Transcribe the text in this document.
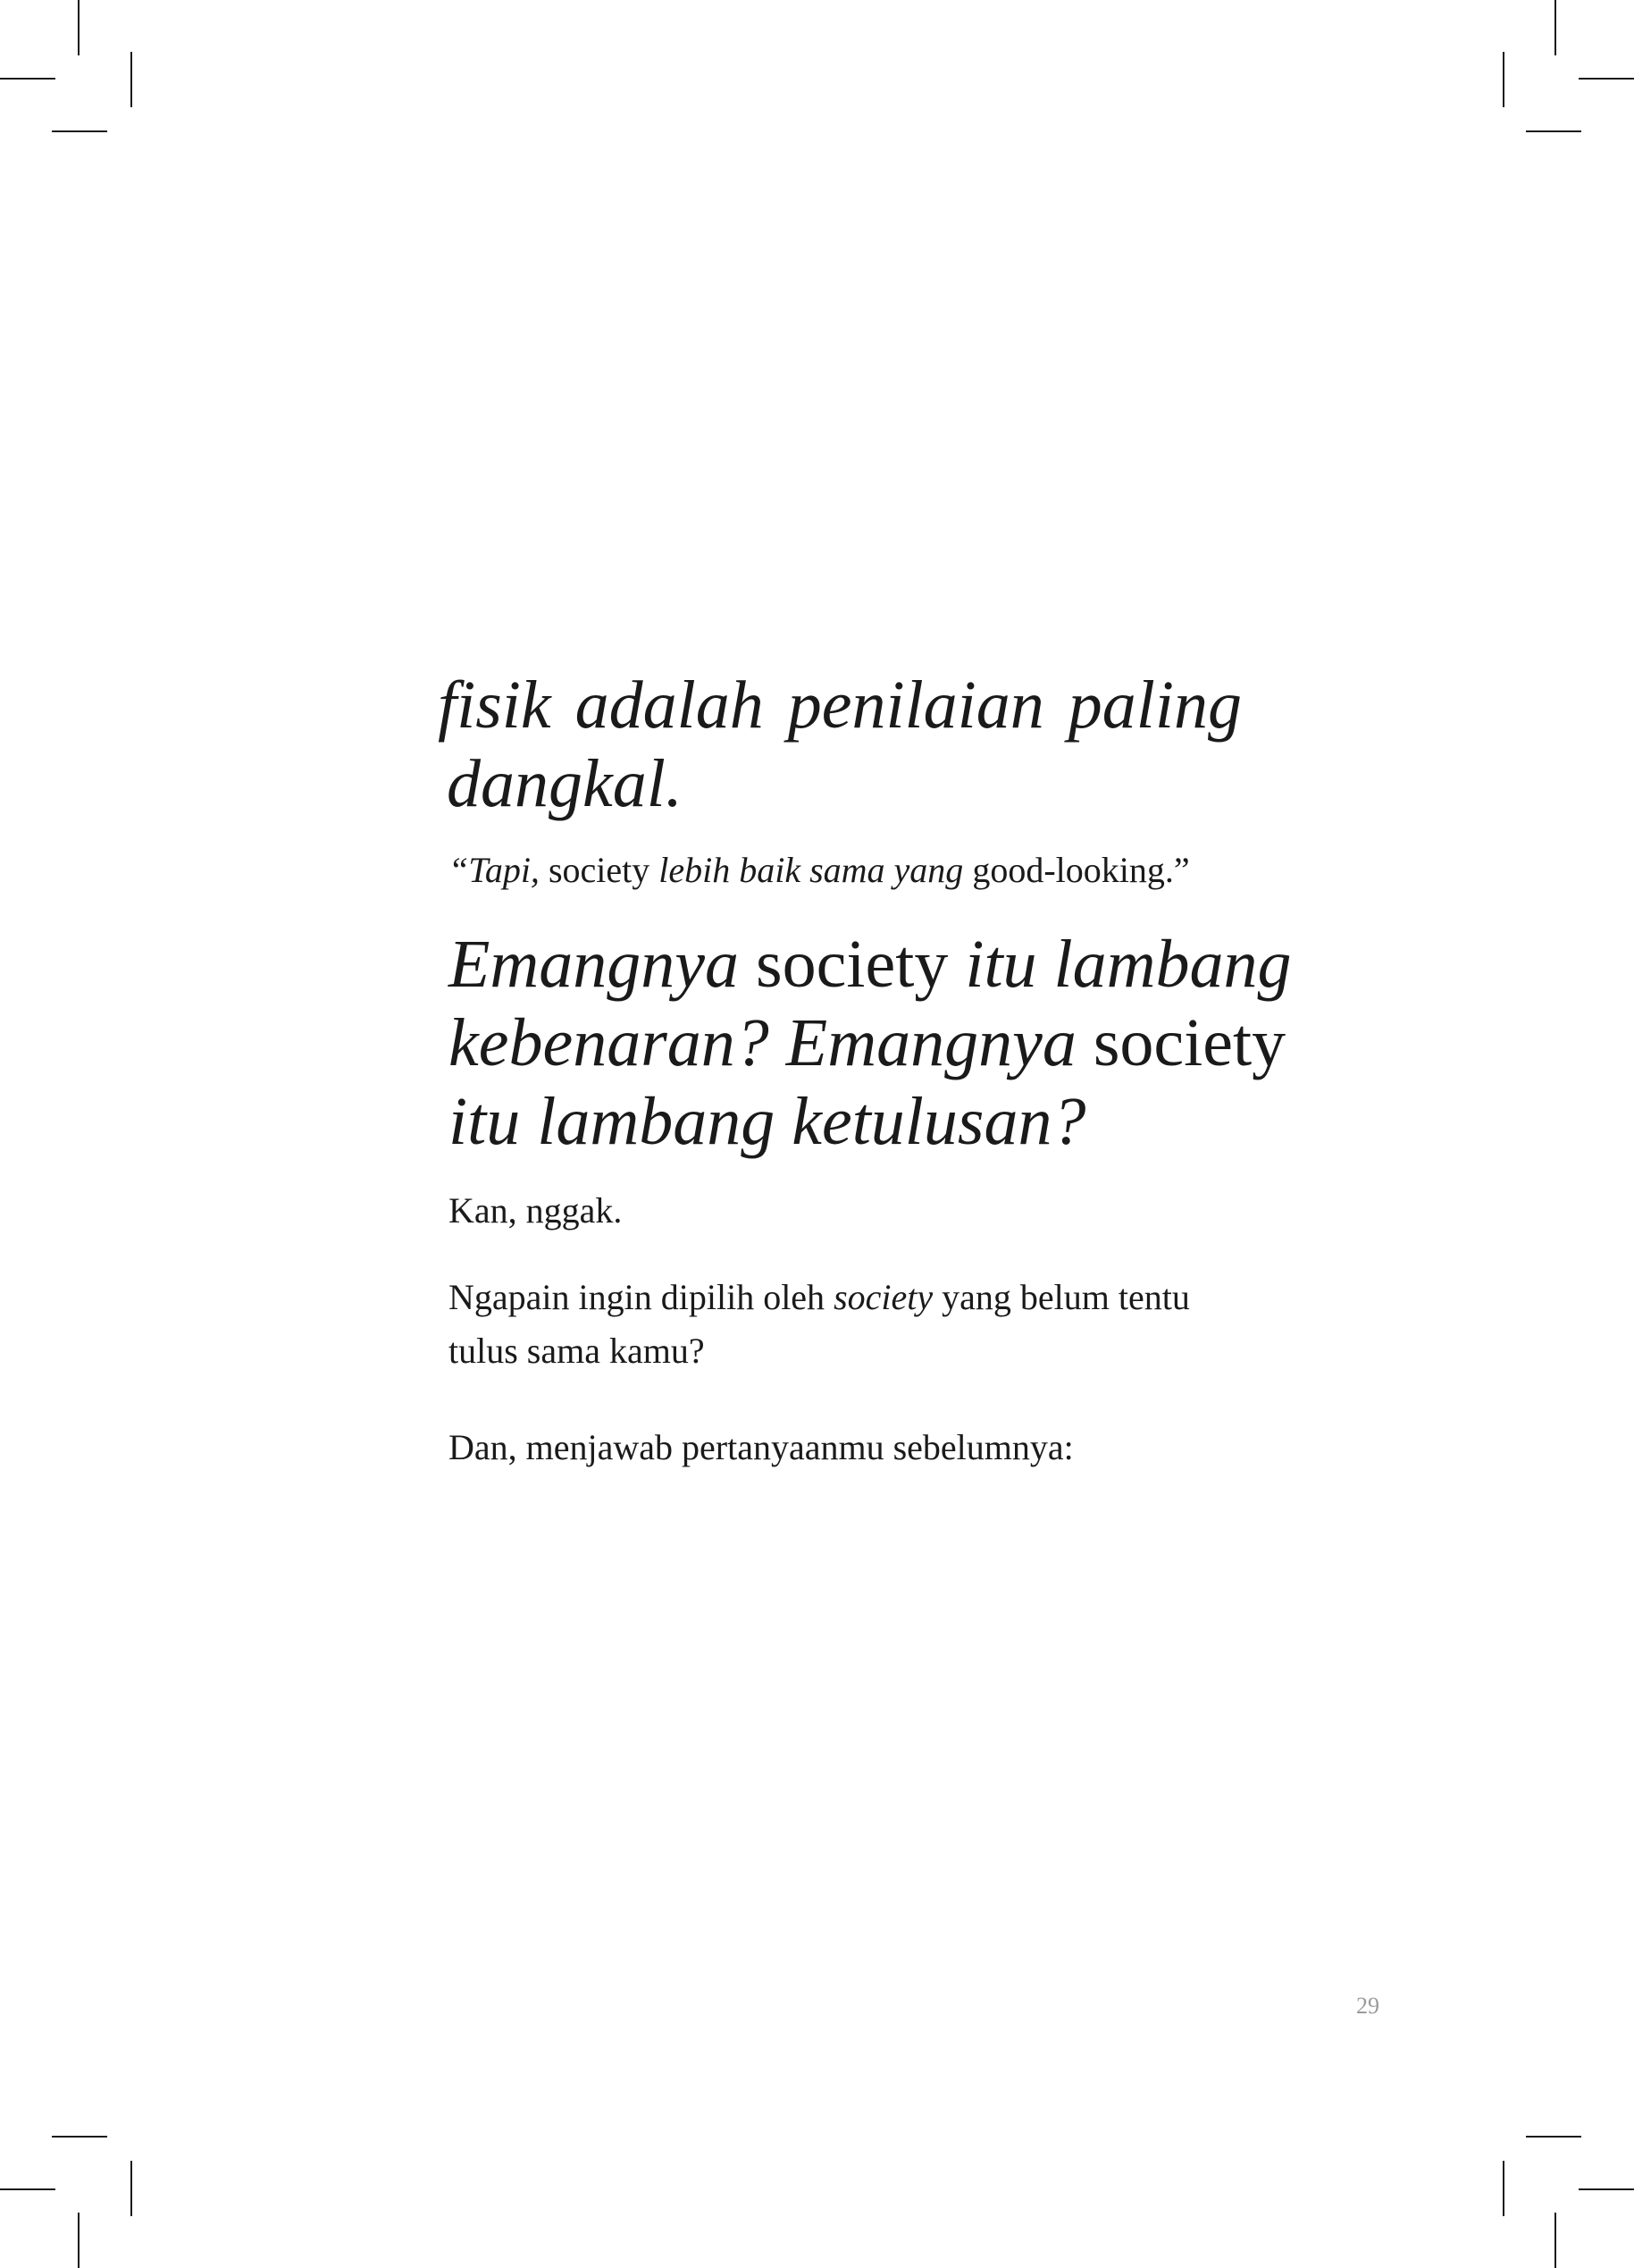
fisik adalah penilaian paling
dangkal.
“Tapi, society lebih baik sama yang good-looking.”
Emangnya society itu lambang
kebenaran? Emangnya society
itu lambang ketulusan?

Kan, nggak.

Ngapain ingin dipilih oleh society yang belum tentu
tulus sama kamu?

Dan, menjawab pertanyaanmu sebelumnya:

29
